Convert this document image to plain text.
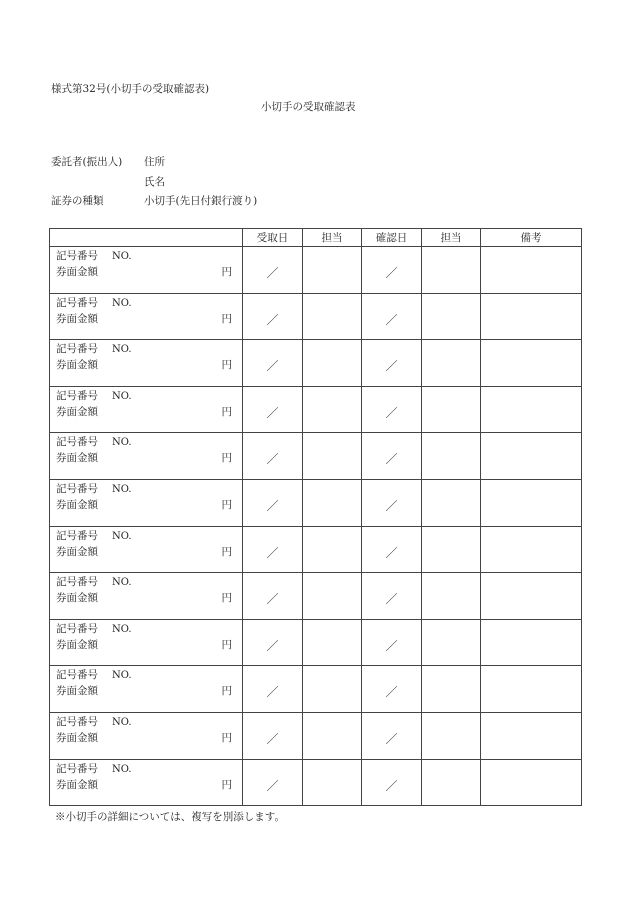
様式第32号(小切手の受取確認表)
小切手の受取確認表
委託者(振出人) 住所
氏名
証券の種類	小切手(先日付銀行渡り)
	受取日	担当	確認日	担当	備考

記号番号 NO.
券面金額 円	／		／		

記号番号 NO.
券面金額 円	／		／		

記号番号 NO.
券面金額 円	／		／		

記号番号 NO.
券面金額 円	／		／		

記号番号 NO.
券面金額 円	／		／		

記号番号 NO.
券面金額 円	／		／		

記号番号 NO.
券面金額 円	／		／		

記号番号 NO.
券面金額 円	／		／		

記号番号 NO.
券面金額 円	／		／		

記号番号 NO.
券面金額 円	／		／		

記号番号 NO.
券面金額 円	／		／		

記号番号 NO.
券面金額 円	／		／		

※小切手の詳細については、複写を別添します。
